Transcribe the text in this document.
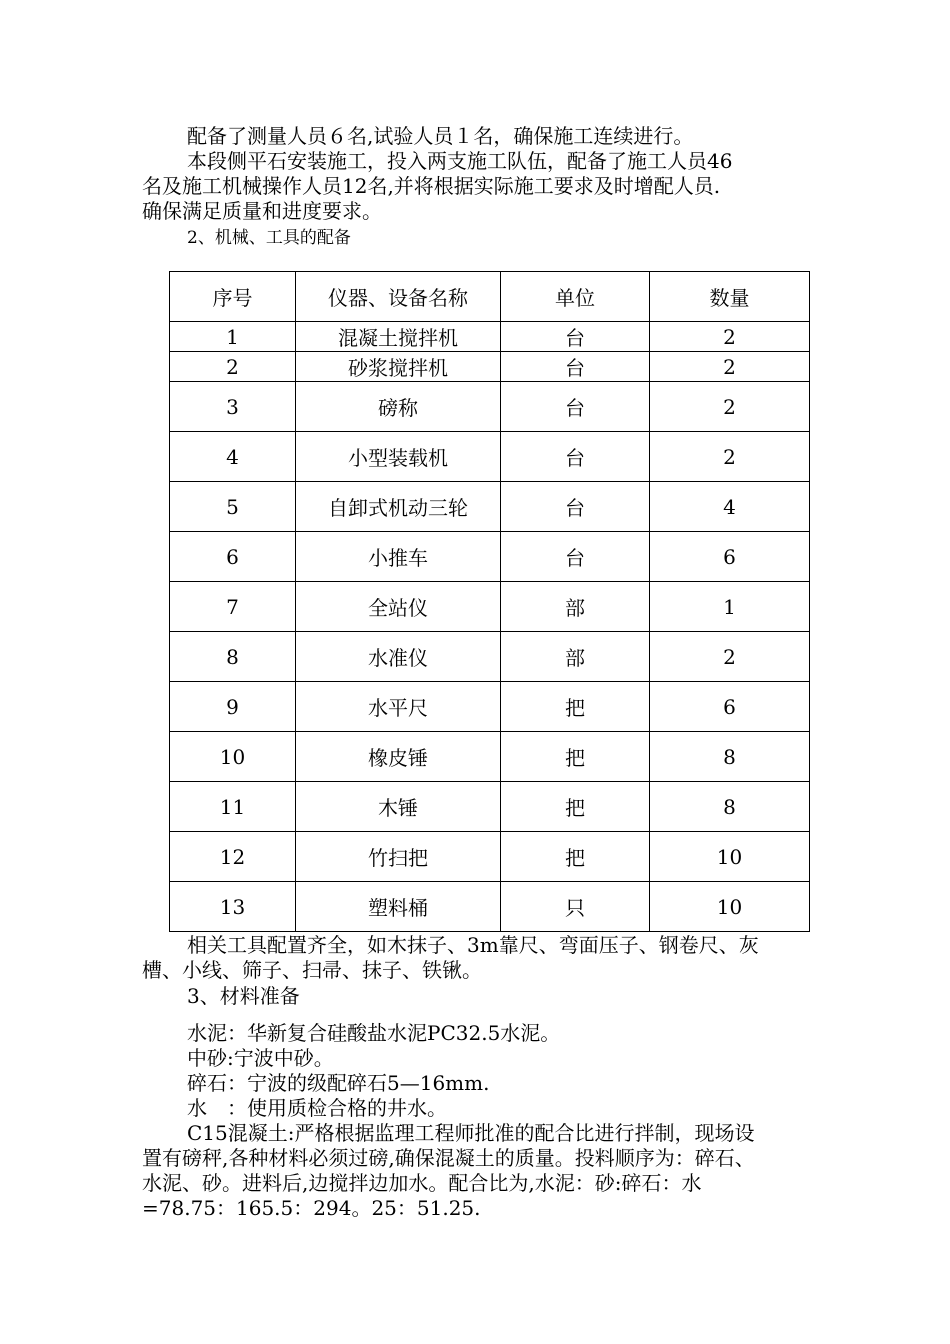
配备了测量人员６名,试验人员１名，确保施工连续进行。
本段侧平石安装施工，投入两支施工队伍，配备了施工人员46
名及施工机械操作人员12名,并将根据实际施工要求及时增配人员.
确保满足质量和进度要求。
2、机械、工具的配备
序号	仪器、设备名称	单位	数量
1	混凝土搅拌机	台	2
2	砂浆搅拌机	台	2
3	磅称	台	2
4	小型装载机	台	2
5	自卸式机动三轮	台	4
6	小推车	台	6
7	全站仪	部	1
8	水准仪	部	2
9	水平尺	把	6
10	橡皮锤	把	8
11	木锤	把	8
12	竹扫把	把	10
13	塑料桶	只	10
相关工具配置齐全，如木抹子、3m靠尺、弯面压子、钢卷尺、灰
槽、小线、筛子、扫帚、抹子、铁锹。
3、材料准备
水泥：华新复合硅酸盐水泥PC32.5水泥。
中砂:宁波中砂。
碎石：宁波的级配碎石5—16mm.
水　：使用质检合格的井水。
C15混凝土:严格根据监理工程师批准的配合比进行拌制，现场设
置有磅秤,各种材料必须过磅,确保混凝土的质量。投料顺序为：碎石、
水泥、砂。进料后,边搅拌边加水。配合比为,水泥：砂:碎石：水
=78.75：165.5：294。25：51.25.
